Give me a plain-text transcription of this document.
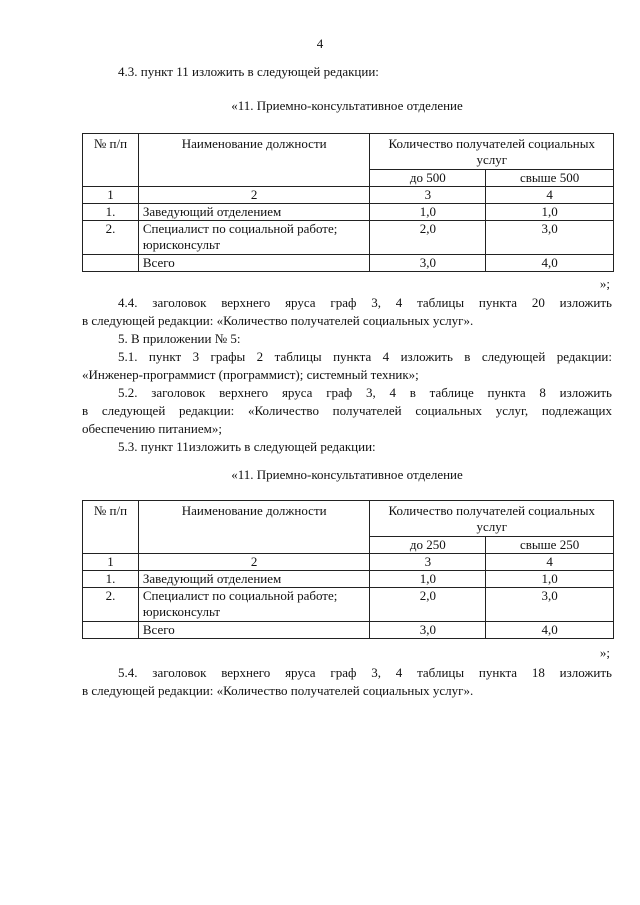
4
4.3. пункт 11 изложить в следующей редакции:
«11. Приемно-консультативное отделение
№ п/п	Наименование должности	Количество получателей социальных услуг	
		до 500	свыше 500
1	2	3	4
1.	Заведующий отделением	1,0	1,0
2.	Специалист по социальной работе; юрисконсульт	2,0	3,0
	Всего	3,0	4,0
»;
4.4. заголовок верхнего яруса граф 3, 4 таблицы пункта 20 изложить
в следующей редакции: «Количество получателей социальных услуг».
5. В приложении № 5:
5.1. пункт 3 графы 2 таблицы пункта 4 изложить в следующей редакции:
«Инженер-программист (программист); системный техник»;
5.2. заголовок верхнего яруса граф 3, 4 в таблице пункта 8 изложить
в следующей редакции: «Количество получателей социальных услуг, подлежащих
обеспечению питанием»;
5.3. пункт 11изложить в следующей редакции:
«11. Приемно-консультативное отделение
№ п/п	Наименование должности	Количество получателей социальных услуг	
		до 250	свыше 250
1	2	3	4
1.	Заведующий отделением	1,0	1,0
2.	Специалист по социальной работе; юрисконсульт	2,0	3,0
	Всего	3,0	4,0
»;
5.4. заголовок верхнего яруса граф 3, 4 таблицы пункта 18 изложить
в следующей редакции: «Количество получателей социальных услуг».
